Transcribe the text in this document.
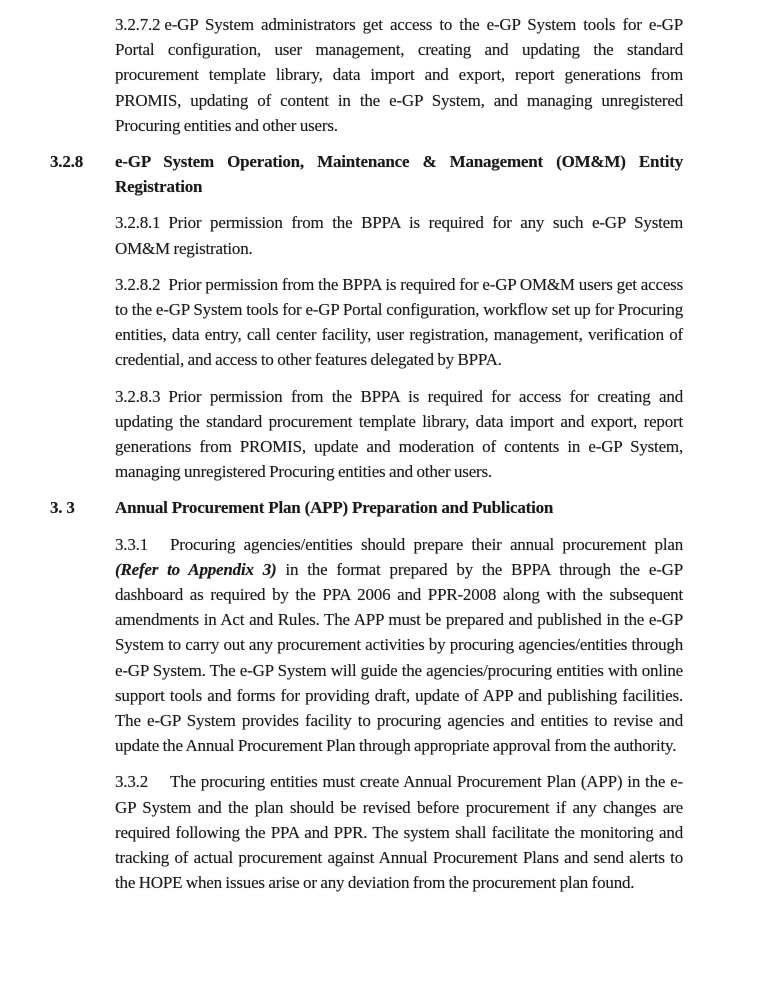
3.2.7.2 e-GP System administrators get access to the e-GP System tools for e-GP Portal configuration, user management, creating and updating the standard procurement template library, data import and export, report generations from PROMIS, updating of content in the e-GP System, and managing unregistered Procuring entities and other users.

3.2.8	e-GP System Operation, Maintenance & Management (OM&M) Entity Registration

3.2.8.1 Prior permission from the BPPA is required for any such e-GP System OM&M registration.

3.2.8.2 Prior permission from the BPPA is required for e-GP OM&M users get access to the e-GP System tools for e-GP Portal configuration, workflow set up for Procuring entities, data entry, call center facility, user registration, management, verification of credential, and access to other features delegated by BPPA.

3.2.8.3 Prior permission from the BPPA is required for access for creating and updating the standard procurement template library, data import and export, report generations from PROMIS, update and moderation of contents in e-GP System, managing unregistered Procuring entities and other users.

3. 3	Annual Procurement Plan (APP) Preparation and Publication

3.3.1 Procuring agencies/entities should prepare their annual procurement plan (Refer to Appendix 3) in the format prepared by the BPPA through the e-GP dashboard as required by the PPA 2006 and PPR-2008 along with the subsequent amendments in Act and Rules. The APP must be prepared and published in the e-GP System to carry out any procurement activities by procuring agencies/entities through e-GP System. The e-GP System will guide the agencies/procuring entities with online support tools and forms for providing draft, update of APP and publishing facilities. The e-GP System provides facility to procuring agencies and entities to revise and update the Annual Procurement Plan through appropriate approval from the authority.

3.3.2 The procuring entities must create Annual Procurement Plan (APP) in the e-GP System and the plan should be revised before procurement if any changes are required following the PPA and PPR. The system shall facilitate the monitoring and tracking of actual procurement against Annual Procurement Plans and send alerts to the HOPE when issues arise or any deviation from the procurement plan found.
